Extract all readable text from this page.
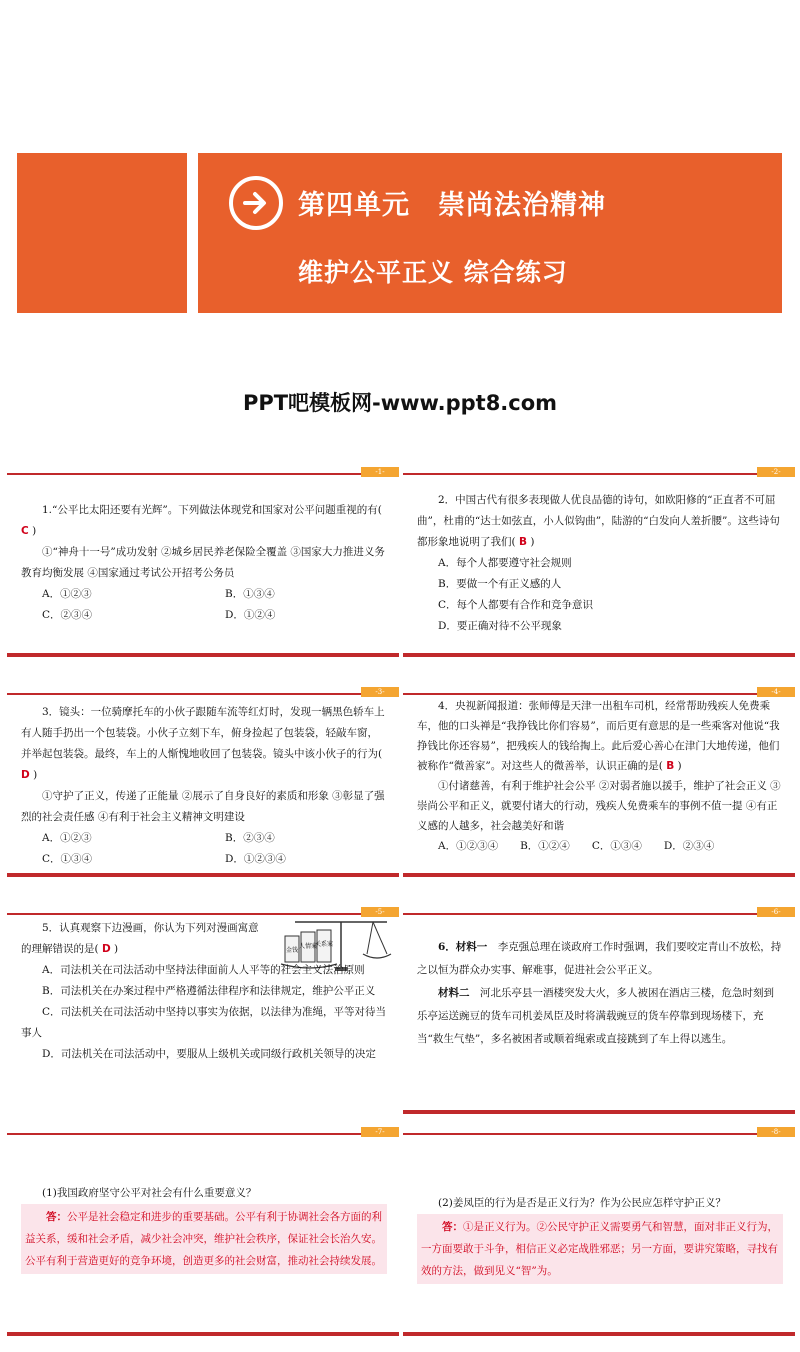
第四单元 崇尚法治精神
维护公平正义 综合练习
PPT吧模板网-www.ppt8.com
-1-

1.“公平比太阳还要有光辉”。下列做法体现党和国家对公平问题重视的有( C )

①“神舟十一号”成功发射 ②城乡居民养老保险全覆盖 ③国家大力推进义务教育均衡发展 ④国家通过考试公开招考公务员

A．①②③	B．①③④
C．②③④	D．①②④
-2-

2．中国古代有很多表现做人优良品德的诗句，如欧阳修的“正直者不可屈曲”，杜甫的“达士如弦直，小人似钩曲”，陆游的“白发向人羞折腰”。这些诗句都形象地说明了我们( B )

A．每个人都要遵守社会规则

B．要做一个有正义感的人

C．每个人都要有合作和竞争意识

D．要正确对待不公平现象

-3-

3．镜头：一位骑摩托车的小伙子跟随车流等红灯时，发现一辆黑色轿车上有人随手扔出一个包装袋。小伙子立刻下车，俯身捡起了包装袋，轻敲车窗，并举起包装袋。最终，车上的人惭愧地收回了包装袋。镜头中该小伙子的行为( D )

①守护了正义，传递了正能量 ②展示了自身良好的素质和形象 ③彰显了强烈的社会责任感 ④有利于社会主义精神文明建设

A．①②③	B．②③④
C．①③④	D．①②③④
-4-

4．央视新闻报道：张师傅是天津一出租车司机，经常帮助残疾人免费乘车，他的口头禅是“我挣钱比你们容易”，而后更有意思的是一些乘客对他说“我挣钱比你还容易”，把残疾人的钱给掏上。此后爱心善心在津门大地传递，他们被称作“微善家”。对这些人的微善举，认识正确的是( B )

①付诸慈善，有利于维护社会公平 ②对弱者施以援手，维护了社会正义 ③崇尚公平和正义，就要付诸大的行动，残疾人免费乘车的事例不值一提 ④有正义感的人越多，社会越美好和谐

A．①②③④ B．①②④ C．①③④ D．②③④
-5-
金钱
人情案
关系案

5．认真观察下边漫画，你认为下列对漫画寓意的理解错误的是( D )

A．司法机关在司法活动中坚持法律面前人人平等的社会主义法治原则

B．司法机关在办案过程中严格遵循法律程序和法律规定，维护公平正义

C．司法机关在司法活动中坚持以事实为依据，以法律为准绳，平等对待当事人

D．司法机关在司法活动中，要服从上级机关或同级行政机关领导的决定

-6-

6．材料一　 李克强总理在谈政府工作时强调，我们要咬定青山不放松，持之以恒为群众办实事、解难事，促进社会公平正义。

材料二　 河北乐亭县一酒楼突发大火，多人被困在酒店三楼，危急时刻到乐亭运送豌豆的货车司机姜凤臣及时将满载豌豆的货车停靠到现场楼下，充当“救生气垫”，多名被困者或顺着绳索或直接跳到了车上得以逃生。

-7-

(1)我国政府坚守公平对社会有什么重要意义？

答：公平是社会稳定和进步的重要基础。公平有利于协调社会各方面的利益关系，缓和社会矛盾，减少社会冲突，维护社会秩序，保证社会长治久安。公平有利于营造更好的竞争环境，创造更多的社会财富，推动社会持续发展。

-8-

(2)姜凤臣的行为是否是正义行为？作为公民应怎样守护正义？

答：①是正义行为。②公民守护正义需要勇气和智慧，面对非正义行为，一方面要敢于斗争，相信正义必定战胜邪恶；另一方面，要讲究策略，寻找有效的方法，做到见义“智”为。
